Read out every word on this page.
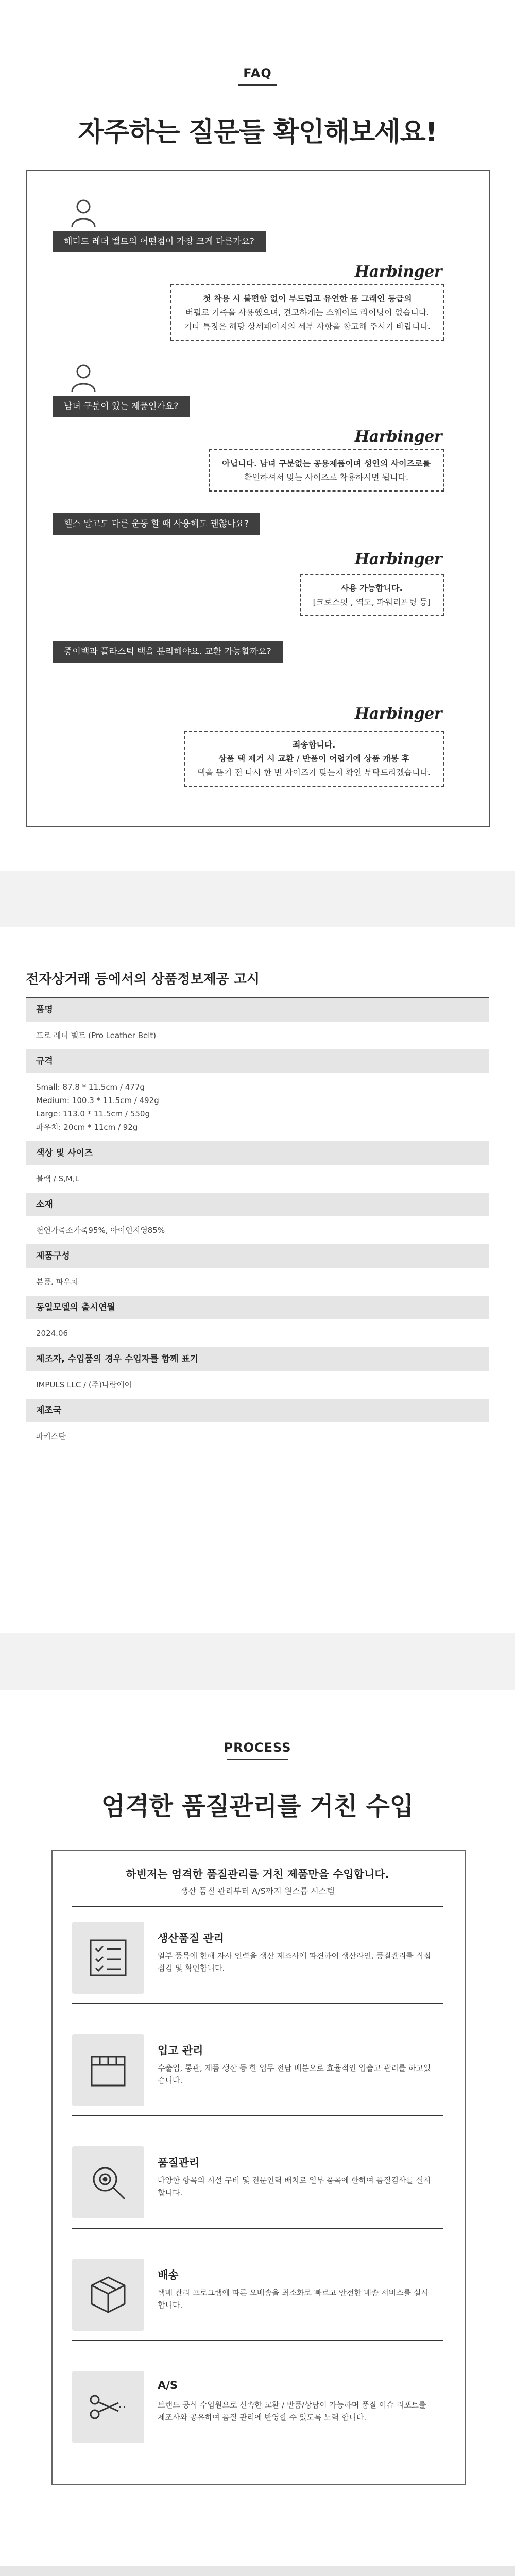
FAQ
자주하는 질문들 확인해보세요!
해디드 레더 벨트의 어떤점이 가장 크게 다른가요?
Harbinger
첫 착용 시 불편함 없이 부드럽고 유연한 몸 그래인 등급의
버펄로 가죽을 사용했으며, 견고하게는 스웨이드 라이닝이 없습니다.
기타 특징은 해당 상세페이지의 세부 사항을 참고해 주시기 바랍니다.
남녀 구분이 있는 제품인가요?
Harbinger
아닙니다. 남녀 구분없는 공용제품이며 성인의 사이즈로를
확인하셔서 맞는 사이즈로 착용하시면 됩니다.
헬스 말고도 다른 운동 할 때 사용해도 괜찮나요?
Harbinger
사용 가능합니다.
[크로스핏 , 역도, 파워리프팅 등]
중이백과 플라스틱 백을 분리해야요. 교환 가능할까요?
Harbinger
죄송합니다.
상품 택 제거 시 교환 / 반품이 어렵기에 상품 개봉 후
택을 뜯기 전 다시 한 번 사이즈가 맞는지 확인 부탁드리겠습니다.
전자상거래 등에서의 상품정보제공 고시
품명
프로 레더 벨트 (Pro Leather Belt)
규격
Small: 87.8 * 11.5cm / 477g
Medium: 100.3 * 11.5cm / 492g
Large: 113.0 * 11.5cm / 550g
파우치: 20cm * 11cm / 92g
색상 및 사이즈
블랙 / S,M,L
소재
천연가죽소가죽95%, 아이언지영85%
제품구성
본품, 파우치
동일모델의 출시연월
2024.06
제조자, 수입품의 경우 수입자를 함께 표기
IMPULS LLC / (주)나람에이
제조국
파키스탄
PROCESS
엄격한 품질관리를 거친 수입
하빈저는 엄격한 품질관리를 거친 제품만을 수입합니다.
생산 품질 관리부터 A/S까지 원스톱 시스템
생산품질 관리
일부 품목에 한해 자사 인력을 생산 제조사에 파견하여 생산라인, 품질관리를 직접 점검 및 확인합니다.
입고 관리
수출입, 통관, 제품 생산 등 한 업무 전담 배분으로 효율적인 입출고 관리를 하고있습니다.
품질관리
다양한 항목의 시설 구비 및 전문인력 배치로 일부 품목에 한하여 품질검사를 실시합니다.
배송
택배 관리 프로그램에 따른 오배송을 최소화로 빠르고 안전한 배송 서비스를 실시합니다.
A/S
브랜드 공식 수입원으로 신속한 교환 / 반품/상담이 가능하며 품질 이슈 리포트를 제조사와 공유하여 품질 관리에 반영할 수 있도록 노력 합니다.
